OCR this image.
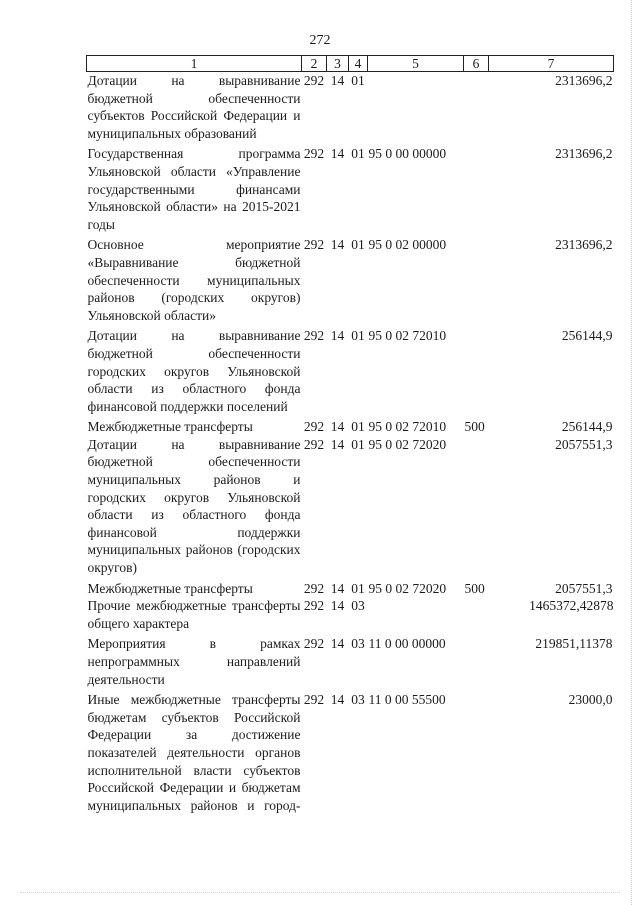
272
1	2	3	4	5	6	7
Дотации на выравнивание бюджетной обеспеченности субъектов Российской Федерации и муниципальных образований	292	14	01			2313696,2
Государственная программа Ульяновской области «Управление государственными финансами Ульяновской области» на 2015-2021 годы	292	14	01	95 0 00 00000		2313696,2
Основное мероприятие «Выравнивание бюджетной обеспеченности муниципальных районов (городских округов) Ульяновской области»	292	14	01	95 0 02 00000		2313696,2
Дотации на выравнивание бюджетной обеспеченности городских округов Ульяновской области из областного фонда финансовой поддержки поселений	292	14	01	95 0 02 72010		256144,9
Межбюджетные трансферты	292	14	01	95 0 02 72010	500	256144,9
Дотации на выравнивание бюджетной обеспеченности муниципальных районов и городских округов Ульяновской области из областного фонда финансовой поддержки муниципальных районов (городских округов)	292	14	01	95 0 02 72020		2057551,3
Межбюджетные трансферты	292	14	01	95 0 02 72020	500	2057551,3
Прочие межбюджетные трансферты общего характера	292	14	03			1465372,42878
Мероприятия в рамках непрограммных направлений деятельности	292	14	03	11 0 00 00000		219851,11378
Иные межбюджетные трансферты бюджетам субъектов Российской Федерации за достижение показателей деятельности органов исполнительной власти субъектов Российской Федерации и бюджетам муниципальных районов и город-	292	14	03	11 0 00 55500		23000,0
